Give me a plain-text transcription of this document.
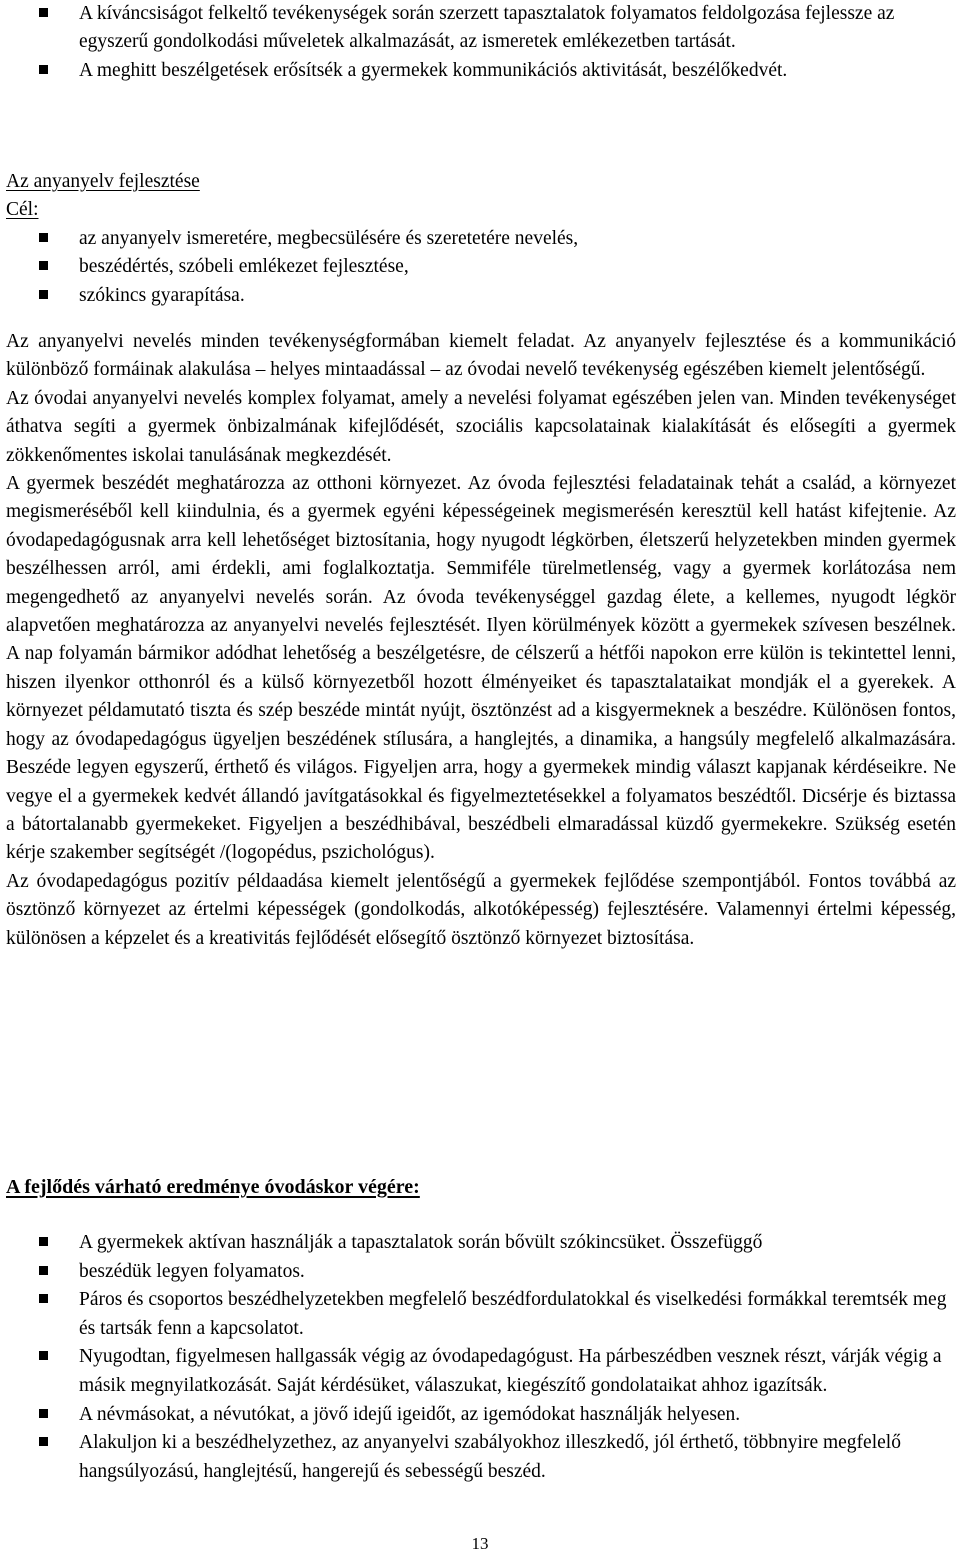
A kíváncsiságot felkeltő tevékenységek során szerzett tapasztalatok folyamatos feldolgozása fejlessze az egyszerű gondolkodási műveletek alkalmazását, az ismeretek emlékezetben tartását.
A meghitt beszélgetések erősítsék a gyermekek kommunikációs aktivitását, beszélőkedvét.
Az anyanyelv fejlesztése
Cél:
az anyanyelv ismeretére, megbecsülésére és szeretetére nevelés,
beszédértés, szóbeli emlékezet fejlesztése,
szókincs gyarapítása.

Az anyanyelvi nevelés minden tevékenységformában kiemelt feladat. Az anyanyelv fejlesztése és a kommunikáció különböző formáinak alakulása – helyes mintaadással – az óvodai nevelő tevékenység egészében kiemelt jelentőségű.

Az óvodai anyanyelvi nevelés komplex folyamat, amely a nevelési folyamat egészében jelen van. Minden tevékenységet áthatva segíti a gyermek önbizalmának kifejlődését, szociális kapcsolatainak kialakítását és elősegíti a gyermek zökkenőmentes iskolai tanulásának megkezdését.

A gyermek beszédét meghatározza az otthoni környezet. Az óvoda fejlesztési feladatainak tehát a család, a környezet megismeréséből kell kiindulnia, és a gyermek egyéni képességeinek megismerésén keresztül kell hatást kifejtenie. Az óvodapedagógusnak arra kell lehetőséget biztosítania, hogy nyugodt légkörben, életszerű helyzetekben minden gyermek beszélhessen arról, ami érdekli, ami foglalkoztatja. Semmiféle türelmetlenség, vagy a gyermek korlátozása nem megengedhető az anyanyelvi nevelés során. Az óvoda tevékenységgel gazdag élete, a kellemes, nyugodt légkör alapvetően meghatározza az anyanyelvi nevelés fejlesztését. Ilyen körülmények között a gyermekek szívesen beszélnek. A nap folyamán bármikor adódhat lehetőség a beszélgetésre, de célszerű a hétfői napokon erre külön is tekintettel lenni, hiszen ilyenkor otthonról és a külső környezetből hozott élményeiket és tapasztalataikat mondják el a gyerekek. A környezet példamutató tiszta és szép beszéde mintát nyújt, ösztönzést ad a kisgyermeknek a beszédre. Különösen fontos, hogy az óvodapedagógus ügyeljen beszédének stílusára, a hanglejtés, a dinamika, a hangsúly megfelelő alkalmazására. Beszéde legyen egyszerű, érthető és világos. Figyeljen arra, hogy a gyermekek mindig választ kapjanak kérdéseikre. Ne vegye el a gyermekek kedvét állandó javítgatásokkal és figyelmeztetésekkel a folyamatos beszédtől. Dicsérje és biztassa a bátortalanabb gyermekeket. Figyeljen a beszédhibával, beszédbeli elmaradással küzdő gyermekekre. Szükség esetén kérje szakember segítségét /(logopédus, pszichológus).

Az óvodapedagógus pozitív példaadása kiemelt jelentőségű a gyermekek fejlődése szempontjából. Fontos továbbá az ösztönző környezet az értelmi képességek (gondolkodás, alkotóképesség) fejlesztésére. Valamennyi értelmi képesség, különösen a képzelet és a kreativitás fejlődését elősegítő ösztönző környezet biztosítása.

A fejlődés várható eredménye óvodáskor végére:
A gyermekek aktívan használják a tapasztalatok során bővült szókincsüket. Összefüggő
beszédük legyen folyamatos.
Páros és csoportos beszédhelyzetekben megfelelő beszédfordulatokkal és viselkedési formákkal teremtsék meg és tartsák fenn a kapcsolatot.
Nyugodtan, figyelmesen hallgassák végig az óvodapedagógust. Ha párbeszédben vesznek részt, várják végig a másik megnyilatkozását. Saját kérdésüket, válaszukat, kiegészítő gondolataikat ahhoz igazítsák.
A névmásokat, a névutókat, a jövő idejű igeidőt, az igemódokat használják helyesen.
Alakuljon ki a beszédhelyzethez, az anyanyelvi szabályokhoz illeszkedő, jól érthető, többnyire megfelelő hangsúlyozású, hanglejtésű, hangerejű és sebességű beszéd.
13
